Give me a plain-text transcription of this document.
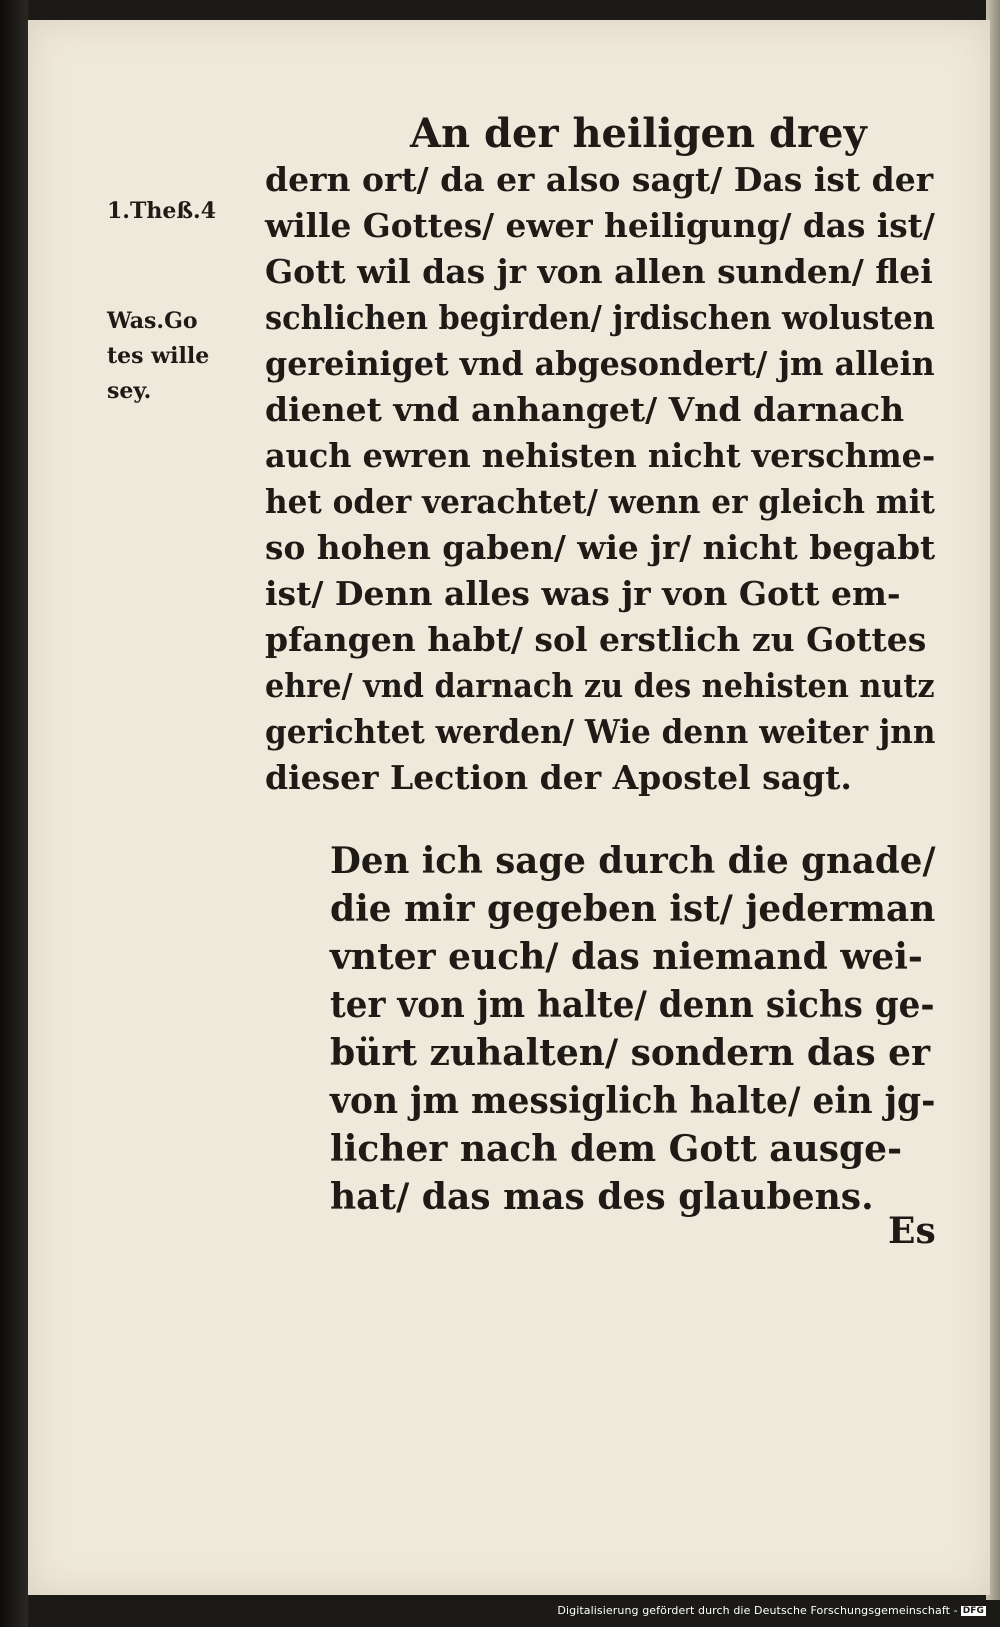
An der heiligen drey
1.Theß.4
Was.Go
tes wille
sey.
dern ort/ da er also sagt/ Das ist der
wille Gottes/ ewer heiligung/ das ist/
Gott wil das jr von allen sunden/ flei
schlichen begirden/ jrdischen wolusten
gereiniget vnd abgesondert/ jm allein
dienet vnd anhanget/ Vnd darnach
auch ewren nehisten nicht verschme-
het oder verachtet/ wenn er gleich mit
so hohen gaben/ wie jr/ nicht begabt
ist/ Denn alles was jr von Gott em-
pfangen habt/ sol erstlich zu Gottes
ehre/ vnd darnach zu des nehisten nutz
gerichtet werden/ Wie denn weiter jnn
dieser Lection der Apostel sagt.
Den ich sage durch die gnade/
die mir gegeben ist/ jederman
vnter euch/ das niemand wei-
ter von jm halte/ denn sichs ge-
bürt zuhalten/ sondern das er
von jm messiglich halte/ ein jg-
licher nach dem Gott ausge-
hat/ das mas des glaubens.
Es
Digitalisierung gefördert durch die Deutsche Forschungsgemeinschaft - DFG
